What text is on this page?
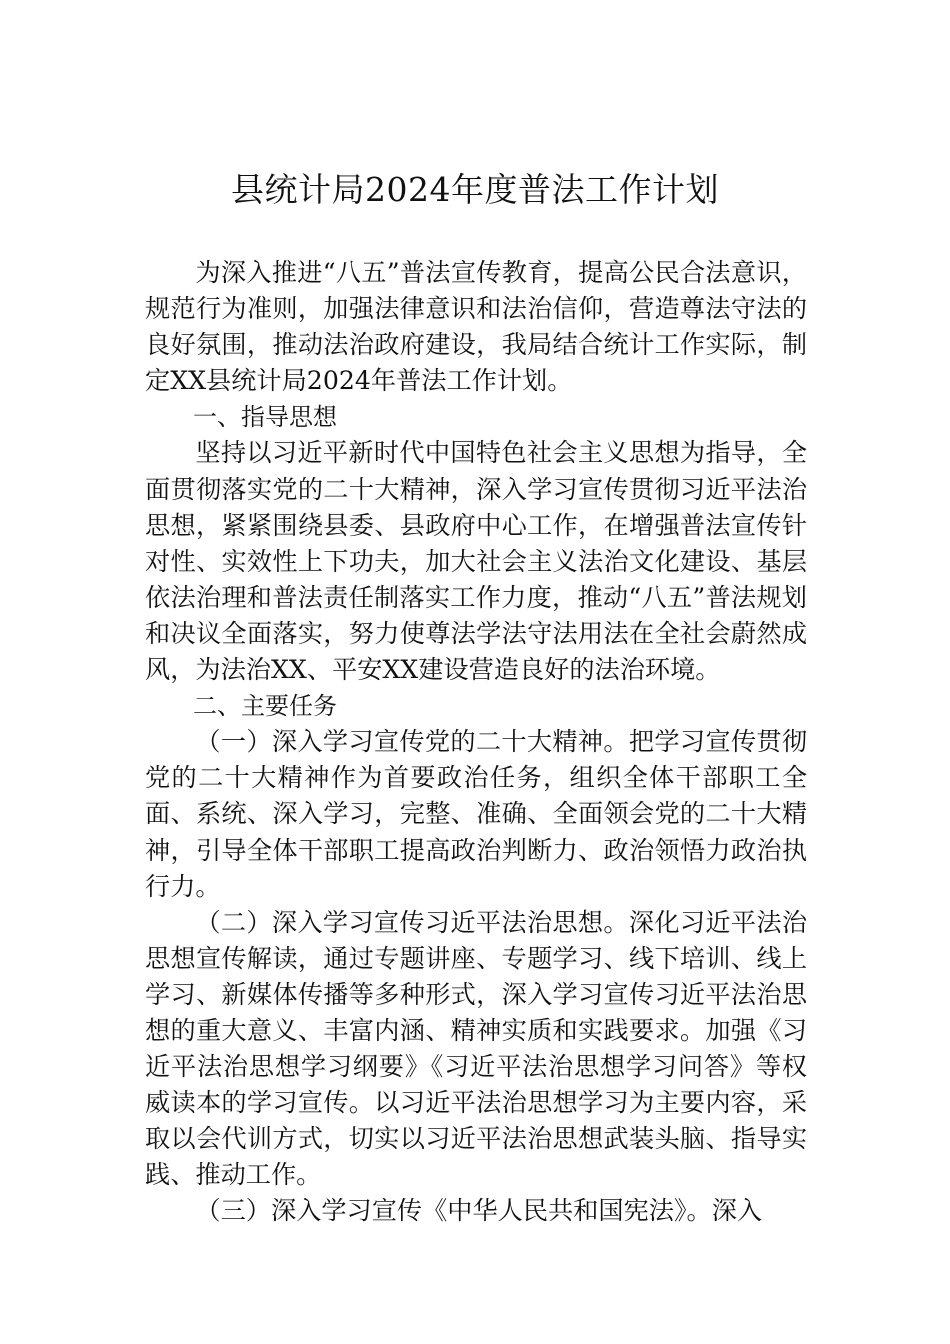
县统计局2024年度普法工作计划

为深入推进“八五”普法宣传教育，提高公民合法意识，规范行为准则，加强法律意识和法治信仰，营造尊法守法的良好氛围，推动法治政府建设，我局结合统计工作实际，制定XX县统计局2024年普法工作计划。

一、指导思想

坚持以习近平新时代中国特色社会主义思想为指导，全面贯彻落实党的二十大精神，深入学习宣传贯彻习近平法治思想，紧紧围绕县委、县政府中心工作，在增强普法宣传针对性、实效性上下功夫，加大社会主义法治文化建设、基层依法治理和普法责任制落实工作力度，推动“八五”普法规划和决议全面落实，努力使尊法学法守法用法在全社会蔚然成风，为法治XX、平安XX建设营造良好的法治环境。

二、主要任务

（一）深入学习宣传党的二十大精神。把学习宣传贯彻党的二十大精神作为首要政治任务，组织全体干部职工全面、系统、深入学习，完整、准确、全面领会党的二十大精神，引导全体干部职工提高政治判断力、政治领悟力政治执行力。

（二）深入学习宣传习近平法治思想。深化习近平法治思想宣传解读，通过专题讲座、专题学习、线下培训、线上学习、新媒体传播等多种形式，深入学习宣传习近平法治思想的重大意义、丰富内涵、精神实质和实践要求。加强《习近平法治思想学习纲要》《习近平法治思想学习问答》等权威读本的学习宣传。以习近平法治思想学习为主要内容，采取以会代训方式，切实以习近平法治思想武装头脑、指导实践、推动工作。

（三）深入学习宣传《中华人民共和国宪法》。深入
